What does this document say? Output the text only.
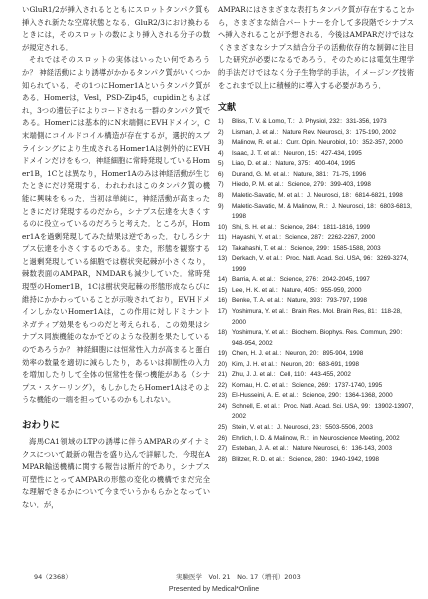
いGluR1/2が挿入されるとともにスロットタンパク質も挿入され新たな空席状態となる．GluR2/3におけ換わるときには，そのスロットの数により挿入される分子の数が規定される．

それではそのスロットの実体はいったい何であろうか？ 神経活動により誘導がかかるタンパク質がいくつか知られている．その1つにHomer1Aというタンパク質がある．Homerは，Vesl，PSD-Zip45，cupidinともよばれ，3つの遺伝子によりコードされる一群のタンパク質である。Homerには基本的にN末端側にEVHドメイン，C末端側にコイルドコイル構造が存在するが，選択的スプライシングにより生成されるHomer1Aは例外的にEVHドメインだけをもつ．神経細胞に常時発現しているHomer1B，1Cとは異なり，Homer1Aのみは神経活動が生じたときにだけ発現する．われわれはこのタンパク質の機能に興味をもった．当初は単純に，神経活動が高まったときにだけ発現するのだから，シナプス伝達を大きくするのに役立っているのだろうと考えた．ところが，Homer1Aを過剰発現してみた結果は逆であった．むしろシナプス伝達を小さくするのである。また，形態を観察すると過剰発現している細胞では樹状突起棘が小さくなり，棘数表面のAMPAR，NMDARも減少していた．常時発現型のHomer1B，1Cは樹状突起棘の形態形成ならびに維持にかかわっていることが示唆されており，EVHドメインしかないHomer1Aは，この作用に対しドミナントネガティブ効果をもつのだと考えられる．この効果はシナプス同族機能のなかでどのような役割を果たしているのであろうか？ 神経細胞には恒常性入力が高まると蛋白効率の数量を適切に減らしたり，あるいは抑制性の入力を増加したりして全体の恒常性を保つ機能がある（シナプス・スケーリング），もしかしたらHomer1Aはそのような機能の一端を担っているのかもしれない。

おわりに

海馬CA1領域のLTPの誘導に伴うAMPARのダイナミクスについて最新の報告を盛り込んで詳解した．今現在AMPAR輸送機構に関する報告は断片的であり，シナプス可塑性にとってAMPARの形態の変化の機構でまだ完全な理解できるかについて今までいうかもらかとなっていない．が，

AMPARにはさまざまな表打ちタンパク質が存在することから，さまざまな結合パートナーを介して多段階でシナプスへ挿入されることが予想される．今後はAMPARだけではなくさまざまなシナプス結合分子の活動依存的な制御に注目した研究が必要になるであろう．そのためには電気生理学的手法だけではなく分子生物学的手法，イメージング技術をこれまで以上に積極的に導入する必要があろう．

文献
1)	Bliss, T. V. & Lomo, T.：J. Physiol, 232：331-356, 1973
2)	Lisman, J. et al.：Nature Rev. Neurosci, 3：175-190, 2002
3)	Malinow, R. et al.：Curr. Opin. Neurobiol, 10：352-357, 2000
4)	Isaac, J. T. et al.：Neuron, 15：427-434, 1995
5)	Liao, D. et al.：Nature, 375：400-404, 1995
6)	Durand, G. M. et al.：Nature, 381：71-75, 1996
7)	Hiedo, P. M. et al.：Science, 279：399-403, 1998
8)	Maletic-Savatic, M. et al.：J. Neurosci, 18：6814-6821, 1998
9)	Maletic-Savatic, M. & Malinow, R.：J. Neurosci, 18：6803-6813, 1998
10) Shi, S. H. et al.：Science, 284：1811-1816, 1999
11) Hayashi, Y. et al.：Science, 287：2262-2267, 2000
12) Takahashi, T. et al.：Science, 299：1585-1588, 2003
13) Derkach, V. et al.：Proc. Natl. Acad. Sci. USA, 96：3269-3274, 1999
14) Barria, A. et al.：Science, 276：2042-2045, 1997
15) Lee, H. K. et al.：Nature, 405：955-959, 2000
16) Benke, T. A. et al.：Nature, 393：793-797, 1998
17) Yoshimura, Y. et al.：Brain Res. Mol. Brain Res, 81：118-28, 2000
18) Yoshimura, Y. et al.：Biochem. Biophys. Res. Commun, 290：948-954, 2002
19) Chen, H. J. et al.：Neuron, 20：895-904, 1998
20) Kim, J. H. et al.：Neuron, 20：683-691, 1998
21) Zhu, J. J. et al.：Cell, 110：443-455, 2002
22) Kornau, H. C. et al.：Science, 269：1737-1740, 1995
23) El-Husseini, A. E. et al.：Science, 290：1364-1368, 2000
24) Schnell, E. et al.：Proc. Natl. Acad. Sci. USA, 99：13902-13907, 2002
25) Stein, V. et al.：J. Neurosci, 23：5503-5506, 2003
26) Ehrlich, I. D. & Malinow, R.：in Neuroscience Meeting, 2002
27) Esteban, J. A. et al.：Nature Neurosci, 6：136-143, 2003
28) Blitzer, R. D. et al.：Science, 280：1940-1942, 1998
94（2368）	実験医学　Vol. 21　No. 17（増刊）2003
Presented by Medical*Online
